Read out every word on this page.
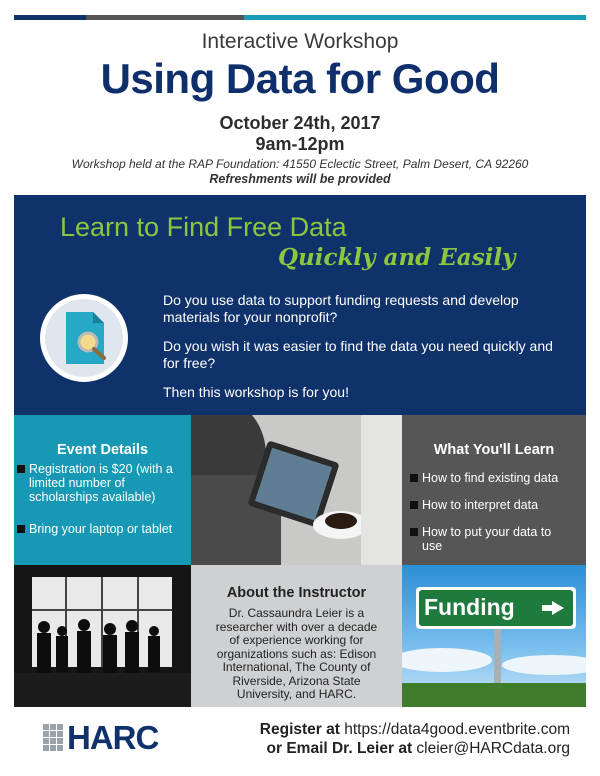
Interactive Workshop
Using Data for Good
October 24th, 2017
9am-12pm
Workshop held at the RAP Foundation: 41550 Eclectic Street, Palm Desert, CA 92260
Refreshments will be provided
Learn to Find Free Data
Quickly and Easily
Do you use data to support funding requests and develop materials for your nonprofit?
Do you wish it was easier to find the data you need quickly and for free?
Then this workshop is for you!
Event Details
Registration is $20 (with a limited number of scholarships available)
Bring your laptop or tablet
What You'll Learn
How to find existing data
How to interpret data
How to put your data to use
About the Instructor
Dr. Cassaundra Leier is a researcher with over a decade of experience working for organizations such as: Edison International, The County of Riverside, Arizona State University, and HARC.
Funding
HARC	Register at https://data4good.eventbrite.com
or Email Dr. Leier at cleier@HARCdata.org
